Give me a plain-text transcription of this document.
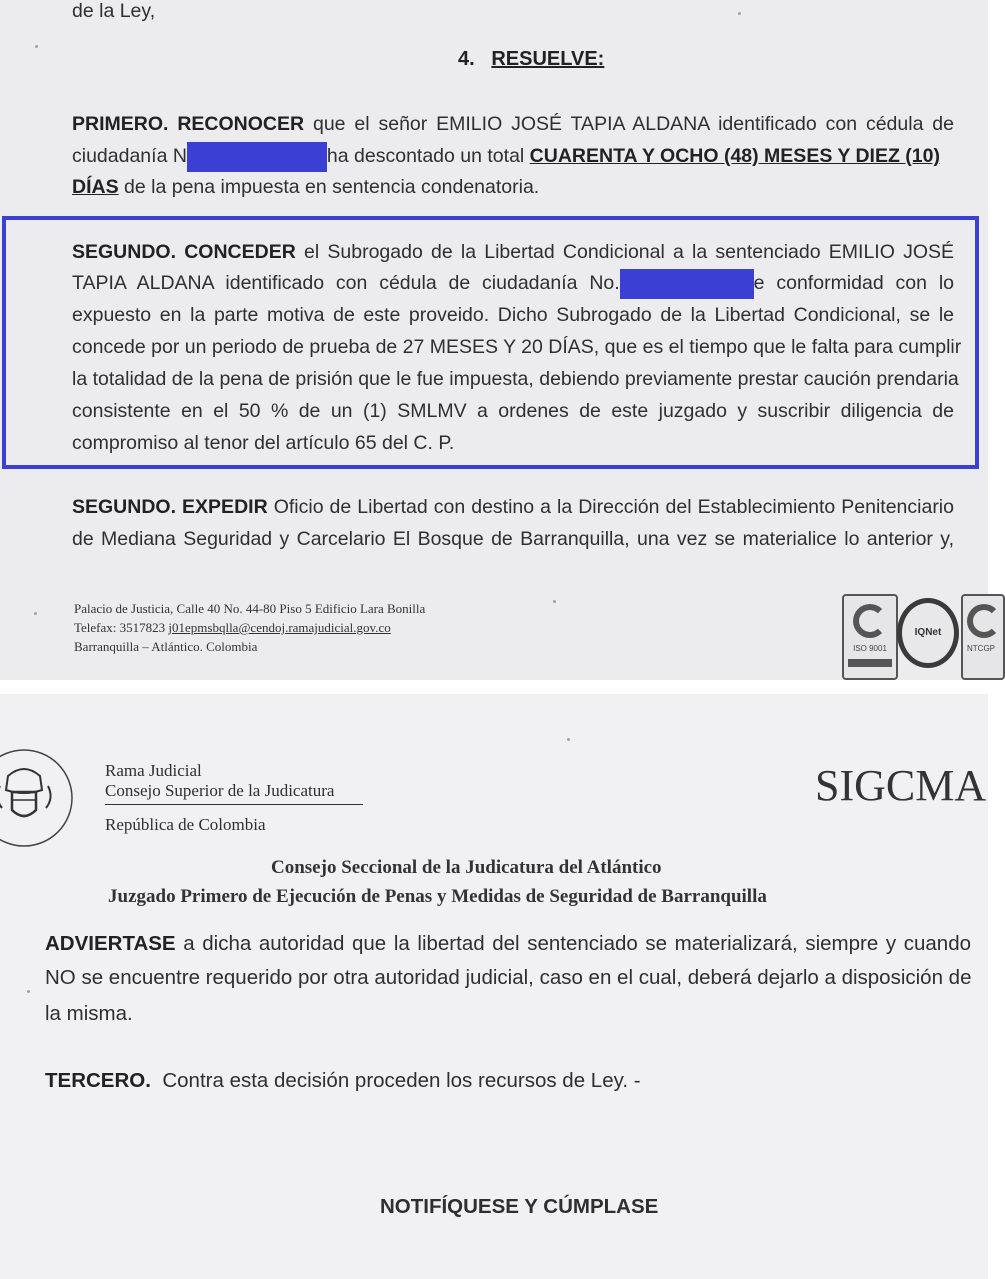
de la Ley,
4. RESUELVE:
PRIMERO. RECONOCER que el señor EMILIO JOSÉ TAPIA ALDANA identificado con cédula de
ciudadanía N	ha descontado un total CUARENTA Y OCHO (48) MESES Y DIEZ (10)
DÍAS de la pena impuesta en sentencia condenatoria.
SEGUNDO. CONCEDER el Subrogado de la Libertad Condicional a la sentenciado EMILIO JOSÉ
TAPIA ALDANA identificado con cédula de ciudadanía No.	e conformidad con lo
expuesto en la parte motiva de este proveido. Dicho Subrogado de la Libertad Condicional, se le
concede por un periodo de prueba de 27 MESES Y 20 DÍAS, que es el tiempo que le falta para cumplir
la totalidad de la pena de prisión que le fue impuesta, debiendo previamente prestar caución prendaria
consistente en el 50 % de un (1) SMLMV a ordenes de este juzgado y suscribir diligencia de
compromiso al tenor del artículo 65 del C. P.
SEGUNDO. EXPEDIR Oficio de Libertad con destino a la Dirección del Establecimiento Penitenciario
de Mediana Seguridad y Carcelario El Bosque de Barranquilla, una vez se materialice lo anterior y,
Palacio de Justicia, Calle 40 No. 44-80 Piso 5 Edificio Lara Bonilla
Telefax: 3517823 j01epmsbqlla@cendoj.ramajudicial.gov.co
Barranquilla – Atlántico. Colombia	ISO 9001
IQNet
NTCGP
Rama Judicial
Consejo Superior de la Judicatura
República de Colombia
SIGCMA
Consejo Seccional de la Judicatura del Atlántico
Juzgado Primero de Ejecución de Penas y Medidas de Seguridad de Barranquilla
ADVIERTASE a dicha autoridad que la libertad del sentenciado se materializará, siempre y cuando
NO se encuentre requerido por otra autoridad judicial, caso en el cual, deberá dejarlo a disposición de
la misma.
TERCERO. Contra esta decisión proceden los recursos de Ley. -
NOTIFÍQUESE Y CÚMPLASE
